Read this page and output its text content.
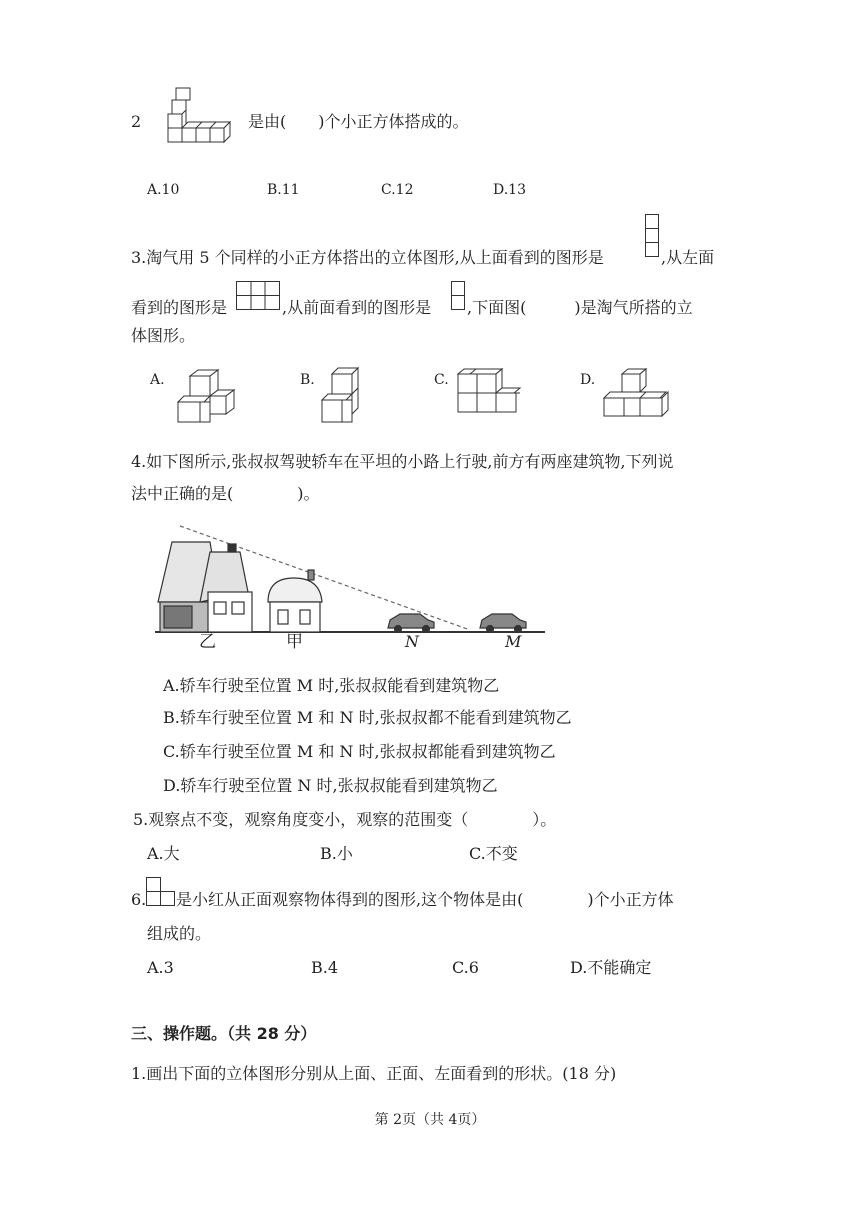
2	是由(　　)个小正方体搭成的。
A.10	B.11	C.12	D.13
3.淘气用 5 个同样的小正方体搭出的立体图形,从上面看到的图形是	,从左面
看到的图形是	,从前面看到的图形是 ,下面图(　　　)是淘气所搭的立
体图形。
A.	B.	C.	D.
4.如下图所示,张叔叔驾驶轿车在平坦的小路上行驶,前方有两座建筑物,下列说
法中正确的是(　　　　)。
乙	甲	N	M
A.轿车行驶至位置 M 时,张叔叔能看到建筑物乙
B.轿车行驶至位置 M 和 N 时,张叔叔都不能看到建筑物乙
C.轿车行驶至位置 M 和 N 时,张叔叔都能看到建筑物乙
D.轿车行驶至位置 N 时,张叔叔能看到建筑物乙
5.观察点不变，观察角度变小，观察的范围变（　　　　）。
A.大	B.小	C.不变
6. 是小红从正面观察物体得到的图形,这个物体是由(　　　　)个小正方体
组成的。
A.3	B.4	C.6	D.不能确定
三、操作题。（共 28 分）
1.画出下面的立体图形分别从上面、正面、左面看到的形状。(18 分)
第 2页（共 4页）
